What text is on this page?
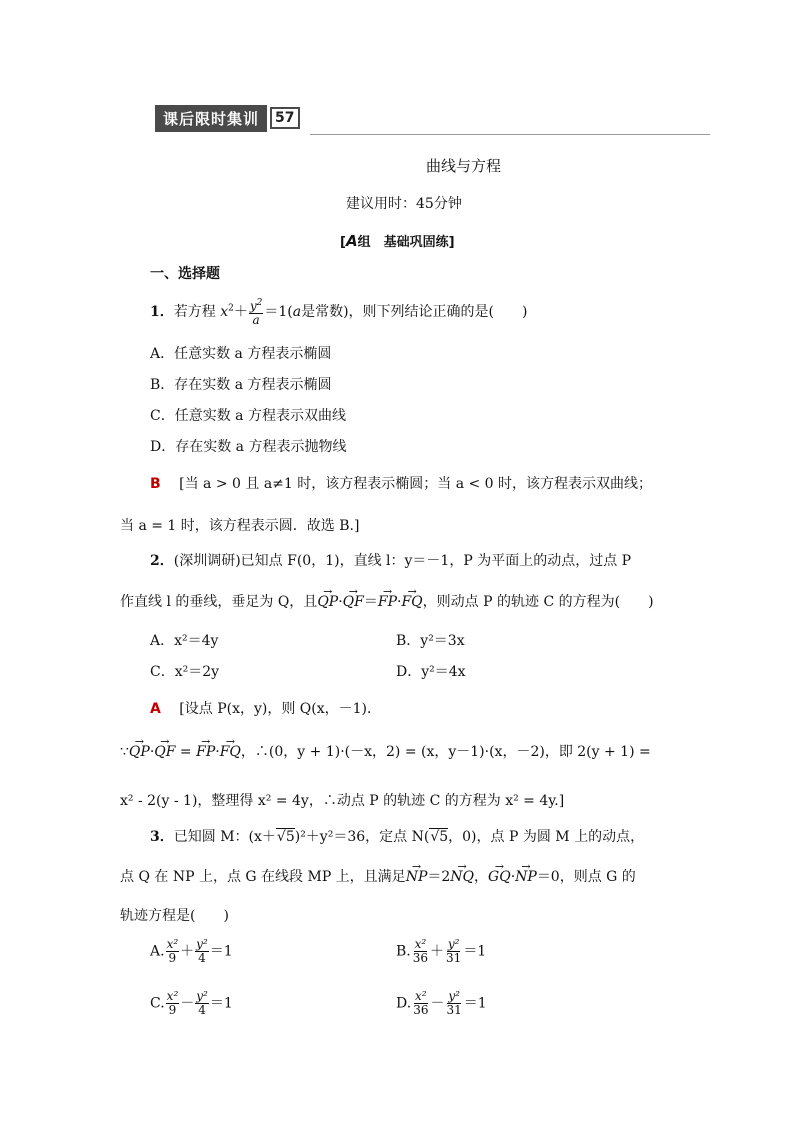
课后限时集训	57
曲线与方程
建议用时：45分钟
[A组　基础巩固练]
一、选择题
1．若方程 $x^2+ \frac{y^2}{a} =1(a$是常数)，则下列结论正确的是(　　)
A．任意实数 a 方程表示椭圆
B．存在实数 a 方程表示椭圆
C．任意实数 a 方程表示双曲线
D．存在实数 a 方程表示抛物线
B [当 a > 0 且 a≠1 时，该方程表示椭圆；当 a < 0 时，该方程表示双曲线；
当 a = 1 时，该方程表示圆．故选 B.]
2．(深圳调研)已知点 F(0，1)，直线 l：y＝－1，P 为平面上的动点，过点 P
作直线 l 的垂线，垂足为 Q，且→ QP·→ QF＝→ FP·→ FQ，则动点 P 的轨迹 C 的方程为(　　)
A．x²＝4y	B．y²＝3x
C．x²＝2y	D．y²＝4x
A [设点 P(x，y)，则 Q(x，－1)．
∵→ QP·→ QF = → FP·→ FQ，∴(0，y + 1)·(－x，2) = (x，y－1)·(x，－2)，即 2(y + 1) =
x² - 2(y - 1)，整理得 x² = 4y，∴动点 P 的轨迹 C 的方程为 x² = 4y.]
3．已知圆 M：(x＋√5)²＋y²＝36，定点 N(√5，0)，点 P 为圆 M 上的动点，
点 Q 在 NP 上，点 G 在线段 MP 上，且满足→ NP＝2→ NQ，→ GQ·→ NP＝0，则点 G 的
轨迹方程是(　　)
A. $\frac{\text{x²}}{9} + \frac{\text{y²}}{4} =1$	B. $\frac{\text{x²}}{36} + \frac{\text{y²}}{31} =1$
C. $\frac{\text{x²}}{9} - \frac{\text{y²}}{4} =1$	D. $\frac{\text{x²}}{36} - \frac{\text{y²}}{31} =1$
